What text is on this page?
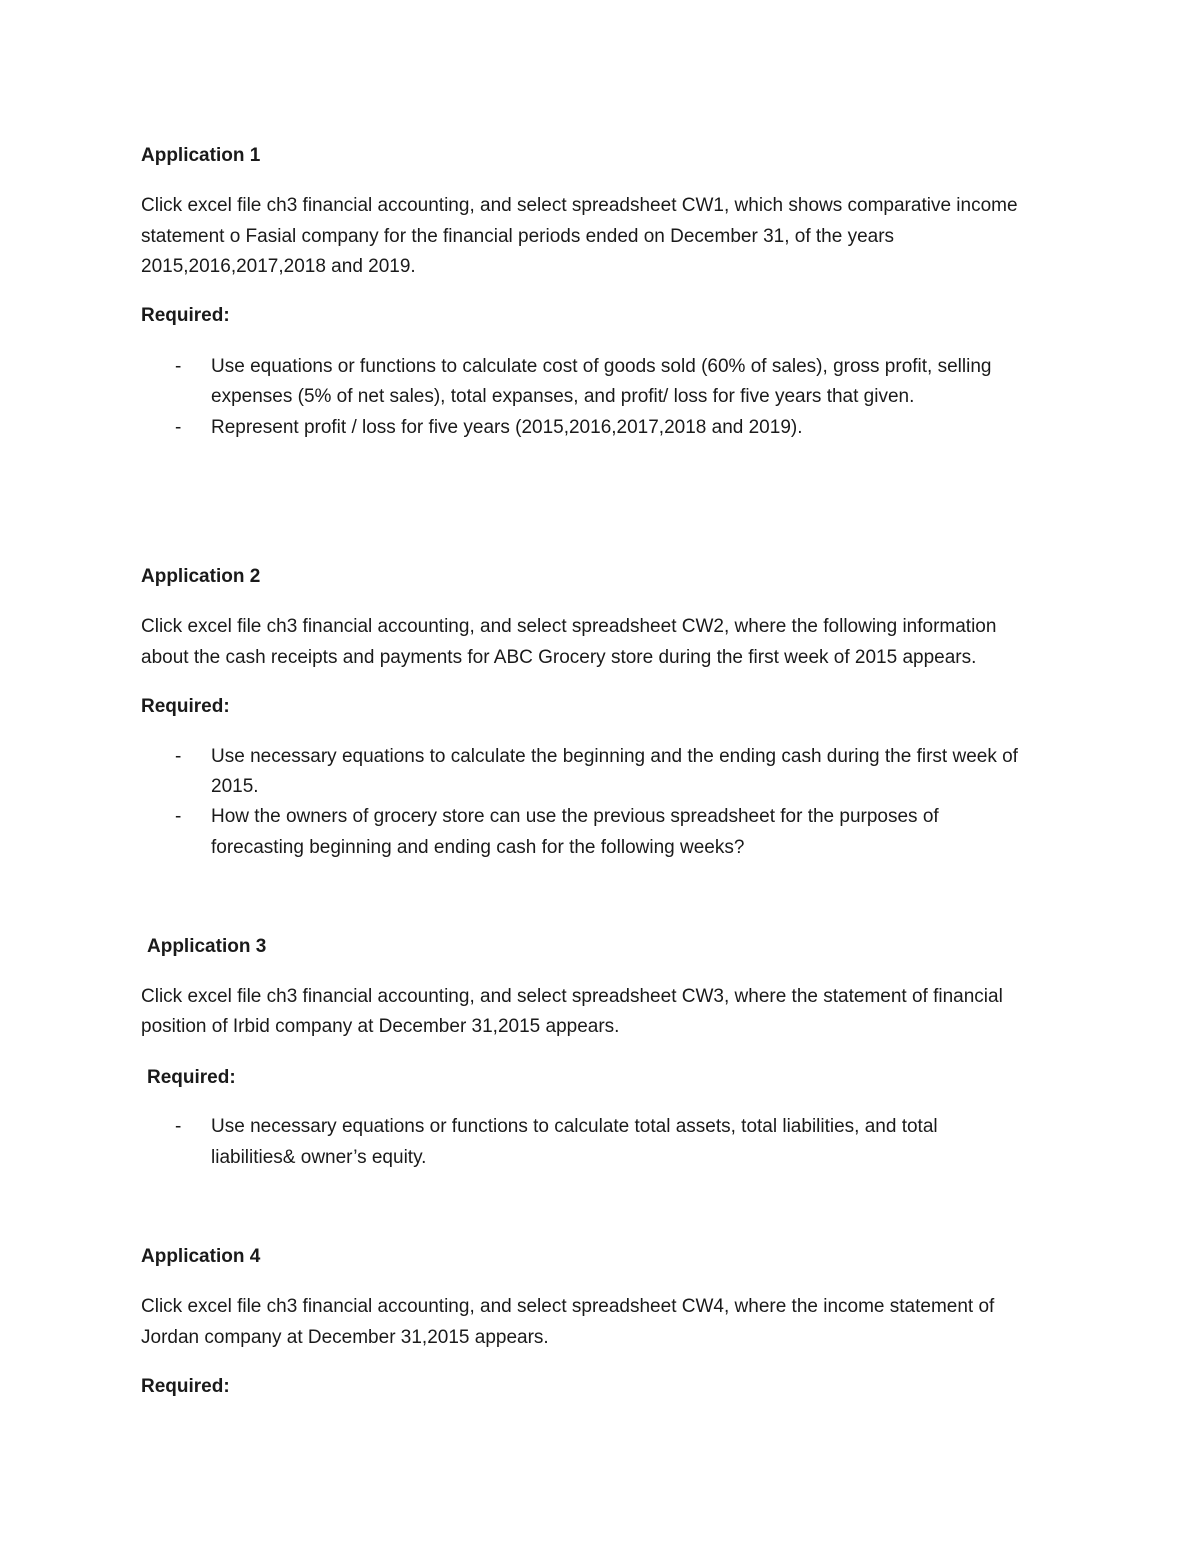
Application 1
Click excel file ch3 financial accounting, and select spreadsheet CW1, which shows comparative income
statement o Fasial company for the financial periods ended on December 31, of the years
2015,2016,2017,2018 and 2019.
Required:
- Use equations or functions to calculate cost of goods sold (60% of sales), gross profit, selling
expenses (5% of net sales), total expanses, and profit/ loss for five years that given.
- Represent profit / loss for five years (2015,2016,2017,2018 and 2019).
Application 2
Click excel file ch3 financial accounting, and select spreadsheet CW2, where the following information
about the cash receipts and payments for ABC Grocery store during the first week of 2015 appears.
Required:
- Use necessary equations to calculate the beginning and the ending cash during the first week of
2015.
- How the owners of grocery store can use the previous spreadsheet for the purposes of
forecasting beginning and ending cash for the following weeks?
Application 3
Click excel file ch3 financial accounting, and select spreadsheet CW3, where the statement of financial
position of Irbid company at December 31,2015 appears.
Required:
- Use necessary equations or functions to calculate total assets, total liabilities, and total
liabilities& owner’s equity.
Application 4
Click excel file ch3 financial accounting, and select spreadsheet CW4, where the income statement of
Jordan company at December 31,2015 appears.
Required:
